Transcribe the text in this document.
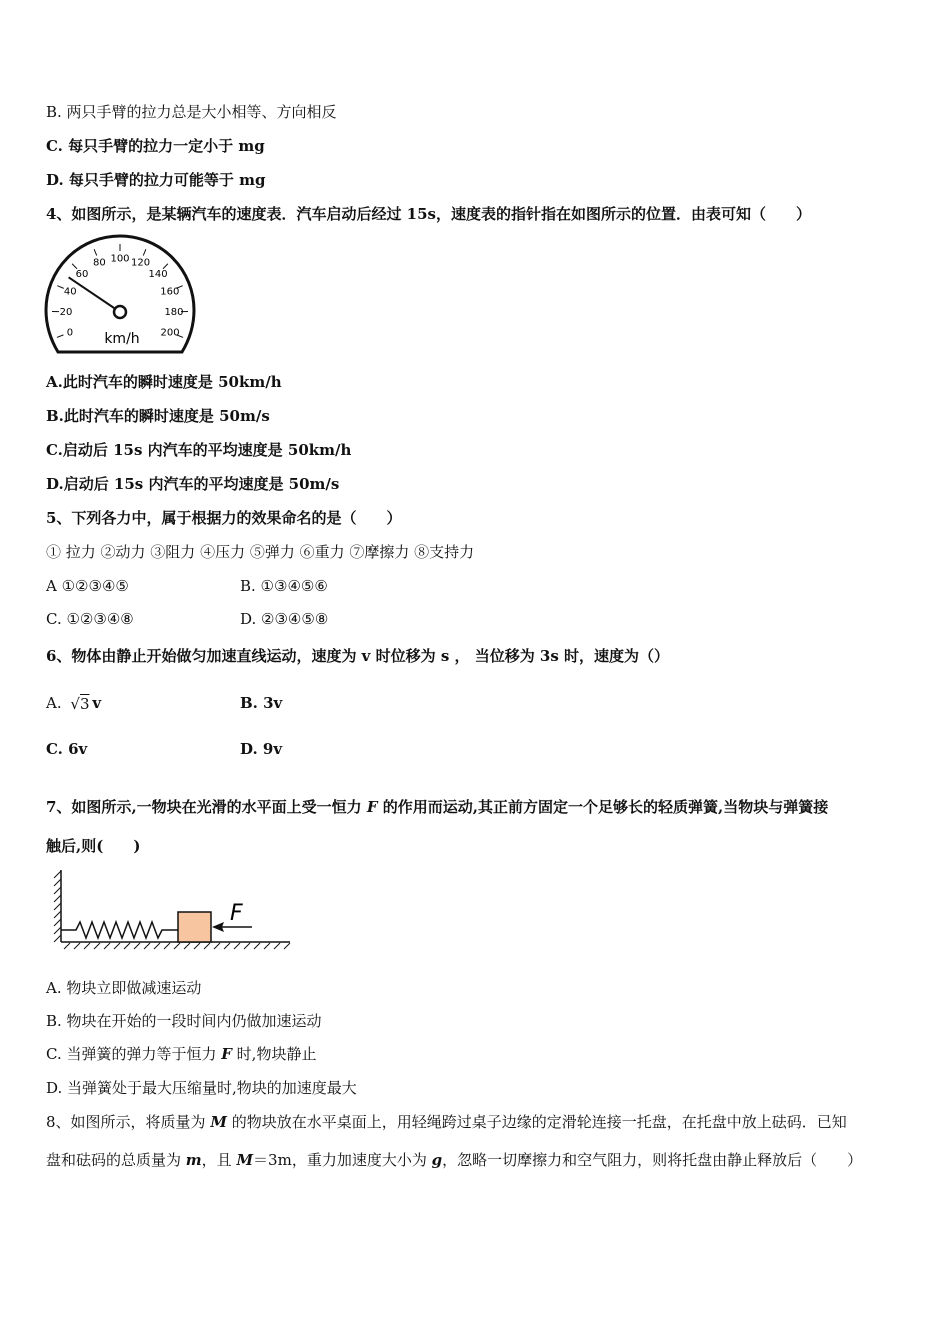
B. 两只手臂的拉力总是大小相等、方向相反
C. 每只手臂的拉力一定小于 mg
D. 每只手臂的拉力可能等于 mg
4、如图所示，是某辆汽车的速度表．汽车启动后经过 15s，速度表的指针指在如图所示的位置．由表可知（　　）
0
20
40
60
80 100 120
140
160
180
200
km/h
A.此时汽车的瞬时速度是 50km/h
B.此时汽车的瞬时速度是 50m/s
C.启动后 15s 内汽车的平均速度是 50km/h
D.启动后 15s 内汽车的平均速度是 50m/s
5、下列各力中，属于根据力的效果命名的是（　　）
① 拉力 ②动力 ③阻力 ④压力 ⑤弹力 ⑥重力 ⑦摩擦力 ⑧支持力
A ①②③④⑤	B. ①③④⑤⑥
C. ①②③④⑧	D. ②③④⑤⑧
6、物体由静止开始做匀加速直线运动，速度为 v 时位移为 s ， 当位移为 3s 时，速度为（）
A. √3 v	B. 3v
C. 6v	D. 9v
7、如图所示,一物块在光滑的水平面上受一恒力 F 的作用而运动,其正前方固定一个足够长的轻质弹簧,当物块与弹簧接
触后,则(　　)
F
A. 物块立即做减速运动
B. 物块在开始的一段时间内仍做加速运动
C. 当弹簧的弹力等于恒力 F 时,物块静止
D. 当弹簧处于最大压缩量时,物块的加速度最大
8、如图所示，将质量为 M 的物块放在水平桌面上，用轻绳跨过桌子边缘的定滑轮连接一托盘，在托盘中放上砝码．已知
盘和砝码的总质量为 m，且 M＝3m，重力加速度大小为 g，忽略一切摩擦力和空气阻力，则将托盘由静止释放后（　　）
